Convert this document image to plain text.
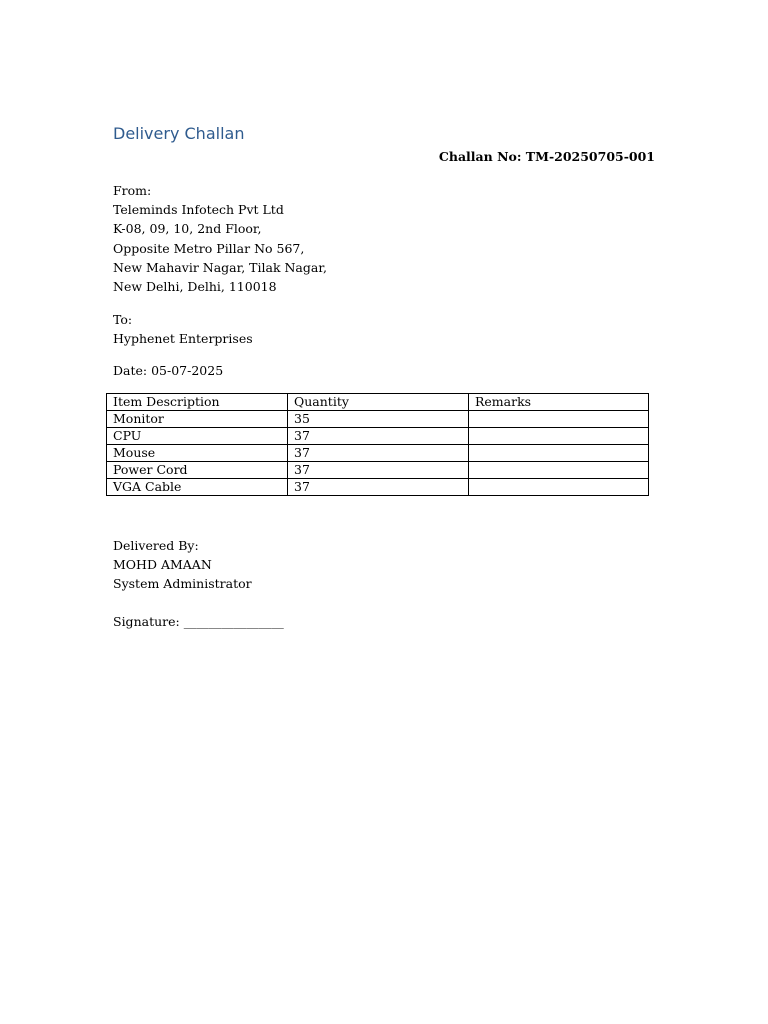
Delivery Challan
Challan No: TM-20250705-001
From:
Teleminds Infotech Pvt Ltd
K-08, 09, 10, 2nd Floor,
Opposite Metro Pillar No 567,
New Mahavir Nagar, Tilak Nagar,
New Delhi, Delhi, 110018
To:
Hyphenet Enterprises
Date: 05-07-2025
Item Description	Quantity	Remarks
Monitor	35	
CPU	37	
Mouse	37	
Power Cord	37	
VGA Cable	37	
Delivered By:
MOHD AMAAN
System Administrator
Signature: ________________
